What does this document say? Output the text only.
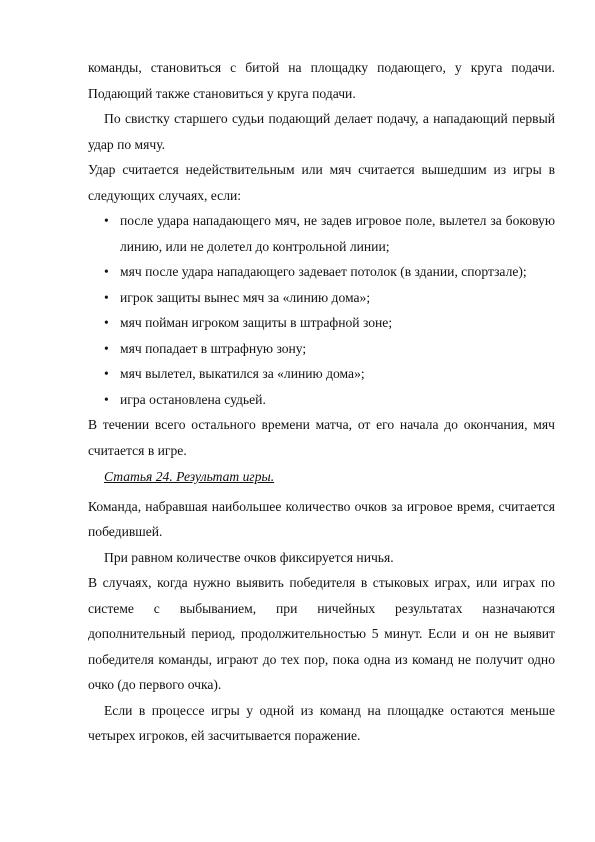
команды, становиться с битой на площадку подающего, у круга подачи. Подающий также становиться у круга подачи.

По свистку старшего судьи подающий делает подачу, а нападающий первый удар по мячу.

Удар считается недействительным или мяч считается вышедшим из игры в следующих случаях, если:

• после удара нападающего мяч, не задев игровое поле, вылетел за боковую линию, или не долетел до контрольной линии;
• мяч после удара нападающего задевает потолок (в здании, спортзале);
• игрок защиты вынес мяч за «линию дома»;
• мяч пойман игроком защиты в штрафной зоне;
• мяч попадает в штрафную зону;
• мяч вылетел, выкатился за «линию дома»;
• игра остановлена судьей.

В течении всего остального времени матча, от его начала до окончания, мяч считается в игре.

Статья 24. Результат игры.

Команда, набравшая наибольшее количество очков за игровое время, считается победившей.

При равном количестве очков фиксируется ничья.

В случаях, когда нужно выявить победителя в стыковых играх, или играх по системе с выбыванием, при ничейных результатах назначаются дополнительный период, продолжительностью 5 минут. Если и он не выявит победителя команды, играют до тех пор, пока одна из команд не получит одно очко (до первого очка).

Если в процессе игры у одной из команд на площадке остаются меньше четырех игроков, ей засчитывается поражение.
